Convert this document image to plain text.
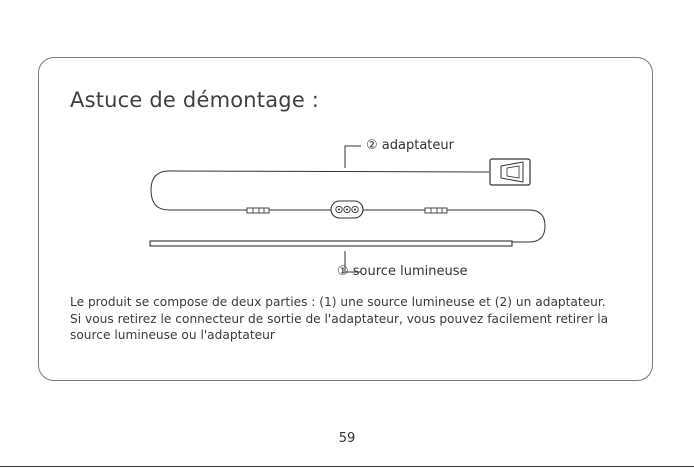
Astuce de démontage :
② adaptateur
① source lumineuse

Le produit se compose de deux parties : (1) une source lumineuse et (2) un adaptateur.

Si vous retirez le connecteur de sortie de l'adaptateur, vous pouvez facilement retirer la

source lumineuse ou l'adaptateur

59
